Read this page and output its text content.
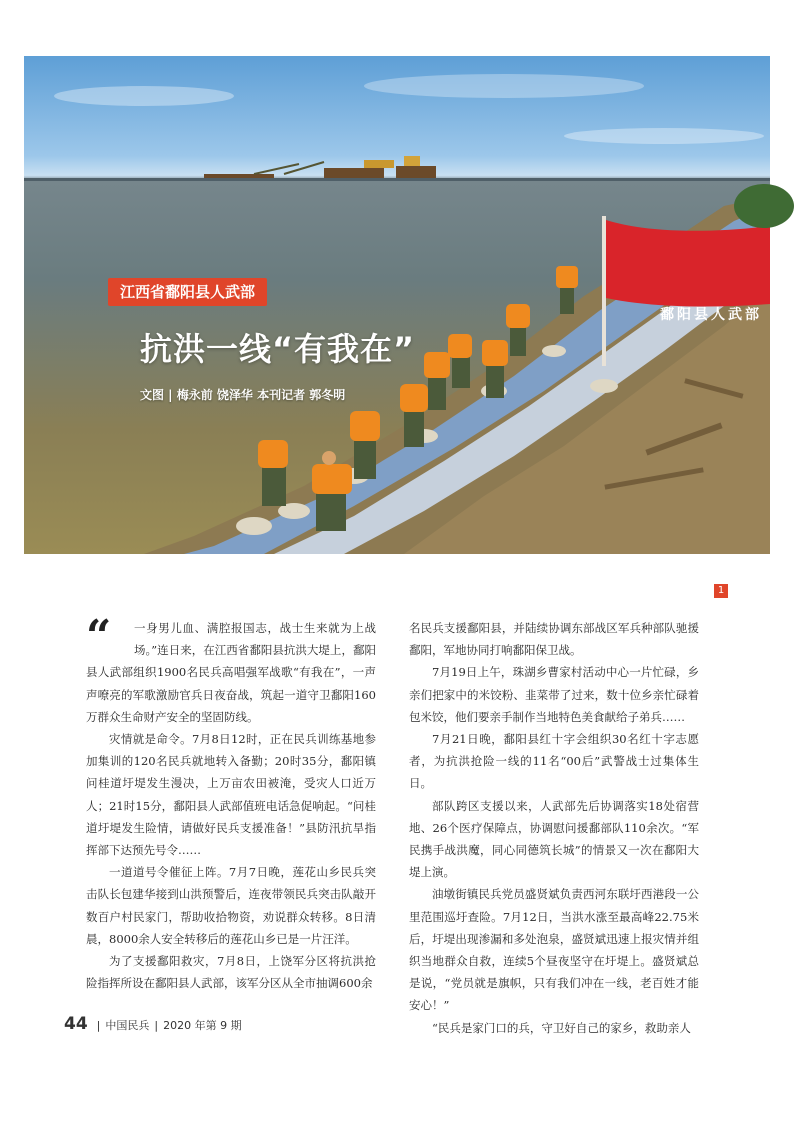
江西省鄱阳县人武部
抗洪一线“有我在”
文图 | 梅永前 饶泽华 本刊记者 郭冬明
鄱阳县人武部
1
“	一身男儿血、满腔报国志，战士生来就为上战场。”连日来，在江西省鄱阳县抗洪大堤上，鄱阳县人武部组织1900名民兵高唱强军战歌“有我在”，一声声嘹亮的军歌激励官兵日夜奋战，筑起一道守卫鄱阳160万群众生命财产安全的坚固防线。

灾情就是命令。7月8日12时，正在民兵训练基地参加集训的120名民兵就地转入备勤；20时35分，鄱阳镇问桂道圩堤发生漫决，上万亩农田被淹，受灾人口近万人；21时15分，鄱阳县人武部值班电话急促响起。“问桂道圩堤发生险情，请做好民兵支援准备！”县防汛抗旱指挥部下达预先号令……

一道道号令催征上阵。7月7日晚，莲花山乡民兵突击队长包建华接到山洪预警后，连夜带领民兵突击队敲开数百户村民家门，帮助收拾物资，劝说群众转移。8日清晨，8000余人安全转移后的莲花山乡已是一片汪洋。

为了支援鄱阳救灾，7月8日，上饶军分区将抗洪抢险指挥所设在鄱阳县人武部，该军分区从全市抽调600余

名民兵支援鄱阳县，并陆续协调东部战区军兵种部队驰援鄱阳，军地协同打响鄱阳保卫战。

7月19日上午，珠湖乡曹家村活动中心一片忙碌，乡亲们把家中的米饺粉、韭菜带了过来，数十位乡亲忙碌着包米饺，他们要亲手制作当地特色美食献给子弟兵……

7月21日晚，鄱阳县红十字会组织30名红十字志愿者，为抗洪抢险一线的11名“00后”武警战士过集体生日。

部队跨区支援以来，人武部先后协调落实18处宿营地、26个医疗保障点，协调慰问援鄱部队110余次。“军民携手战洪魔，同心同德筑长城”的情景又一次在鄱阳大堤上演。

油墩街镇民兵党员盛贤斌负责西河东联圩西港段一公里范围巡圩查险。7月12日，当洪水涨至最高峰22.75米后，圩堤出现渗漏和多处泡泉，盛贤斌迅速上报灾情并组织当地群众自救，连续5个昼夜坚守在圩堤上。盛贤斌总是说，“党员就是旗帜，只有我们冲在一线，老百姓才能安心！”

“民兵是家门口的兵，守卫好自己的家乡，救助亲人

44 | 中国民兵 | 2020 年第 9 期
